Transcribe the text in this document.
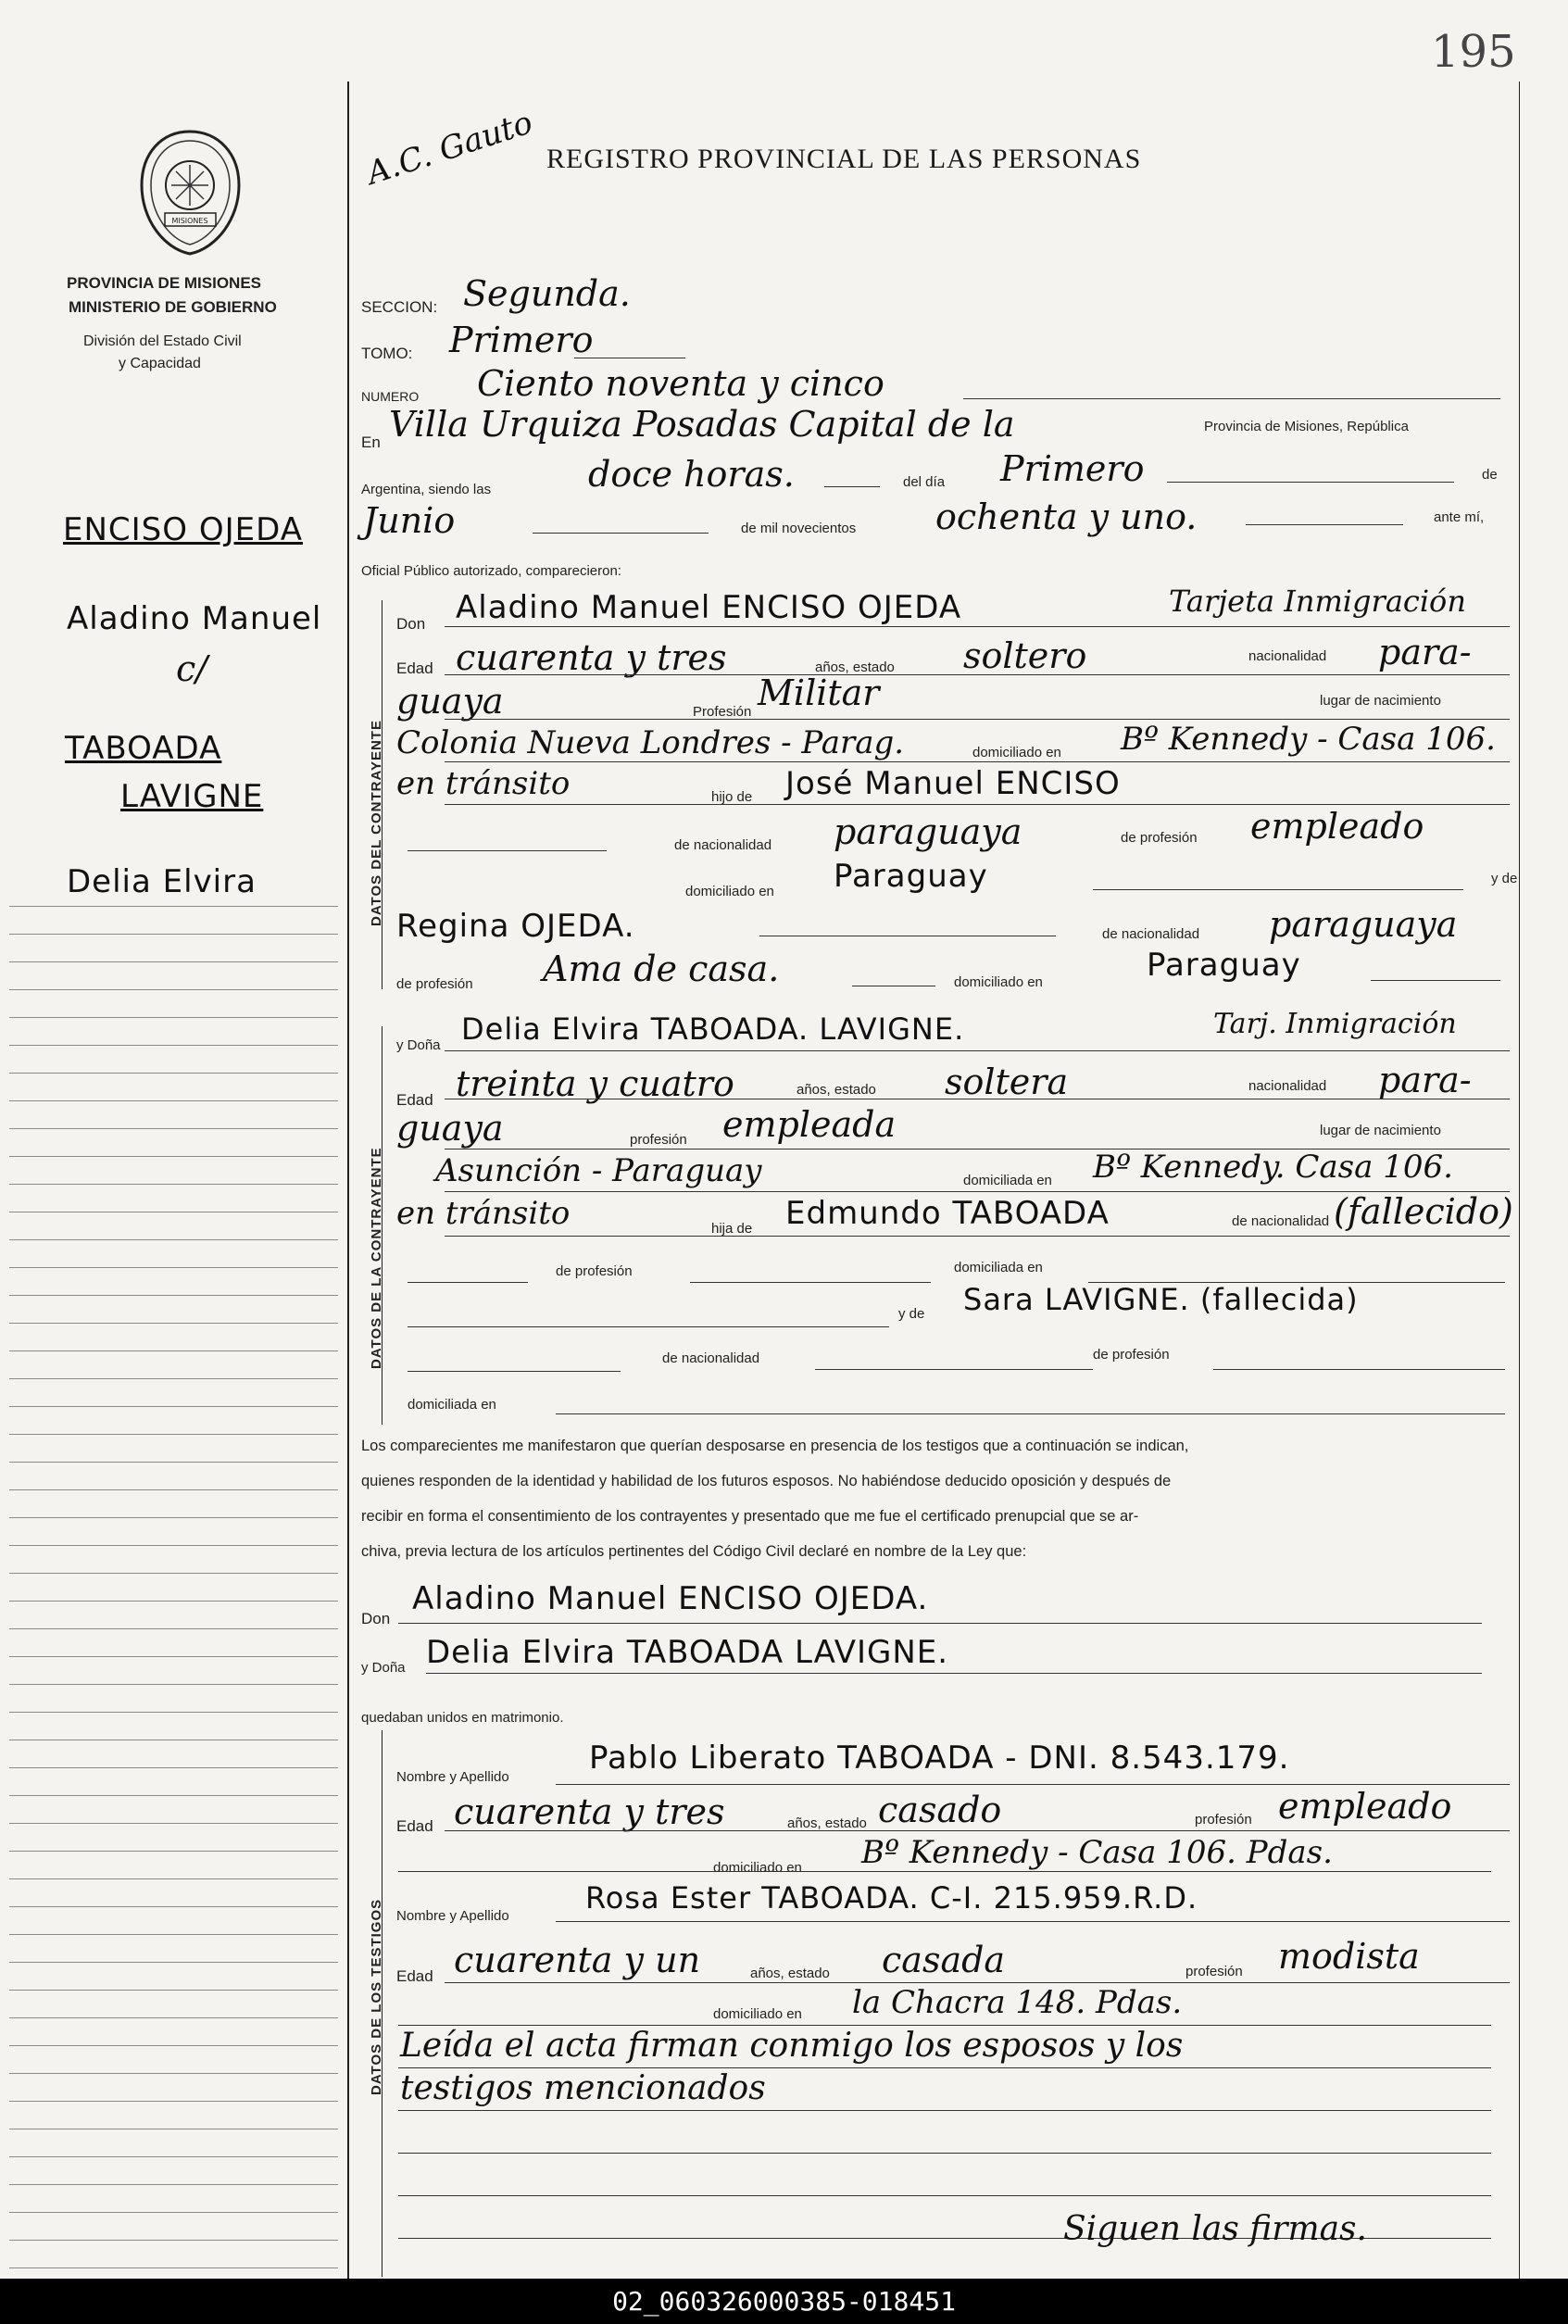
195
MISIONES
PROVINCIA DE MISIONES
MINISTERIO DE GOBIERNO
División del Estado Civil
y Capacidad
A.C. Gauto REGISTRO PROVINCIAL DE LAS PERSONAS
ENCISO OJEDA
Aladino Manuel
c/
TABOADA
LAVIGNE
Delia Elvira
SECCION: Segunda.
TOMO: Primero
NUMERO Ciento noventa y cinco
En Villa Urquiza Posadas Capital de la	Provincia de Misiones, República
Argentina, siendo las	doce horas.	del día Primero	de
Junio	de mil novecientos ochenta y uno.	ante mí,
Oficial Público autorizado, comparecieron:
DATOS DEL CONTRAYENTE
Don Aladino Manuel ENCISO OJEDA	Tarjeta Inmigración
Edad cuarenta y tres	años, estado soltero	nacionalidad para-
guaya	Profesión Militar	lugar de nacimiento
Colonia Nueva Londres - Parag.	domiciliado en Bº Kennedy - Casa 106.
en tránsito	hijo de José Manuel ENCISO
de nacionalidad paraguaya	de profesión empleado
domiciliado en Paraguay	y de
Regina OJEDA.	de nacionalidad paraguaya
de profesión Ama de casa.	domiciliado en	Paraguay
DATOS DE LA CONTRAYENTE
y Doña Delia Elvira TABOADA. LAVIGNE.	Tarj. Inmigración
Edad treinta y cuatro	años, estado soltera	nacionalidad para-
guaya	profesión empleada	lugar de nacimiento
Asunción - Paraguay	domiciliada en Bº Kennedy. Casa 106.
en tránsito	hija de Edmundo TABOADA	de nacionalidad (fallecido)
de profesión	domiciliada en
y de Sara LAVIGNE. (fallecida)
de nacionalidad	de profesión
domiciliada en
Los comparecientes me manifestaron que querían desposarse en presencia de los testigos que a continuación se indican,
quienes responden de la identidad y habilidad de los futuros esposos. No habiéndose deducido oposición y después de
recibir en forma el consentimiento de los contrayentes y presentado que me fue el certificado prenupcial que se ar-
chiva, previa lectura de los artículos pertinentes del Código Civil declaré en nombre de la Ley que:
Don
Aladino Manuel ENCISO OJEDA.
y Doña Delia Elvira TABOADA LAVIGNE.
quedaban unidos en matrimonio.
DATOS DE LOS TESTIGOS
Nombre y Apellido
Pablo Liberato TABOADA - DNI. 8.543.179.
Edad cuarenta y tres	años, estado casado	profesión empleado
domiciliado en Bº Kennedy - Casa 106. Pdas.
Nombre y Apellido
Rosa Ester TABOADA. C-I. 215.959.R.D.
Edad cuarenta y un	años, estado casada	profesión modista
domiciliado en la Chacra 148. Pdas.
Leída el acta firman conmigo los esposos y los
testigos mencionados
Siguen las firmas.
02_060326000385-018451
